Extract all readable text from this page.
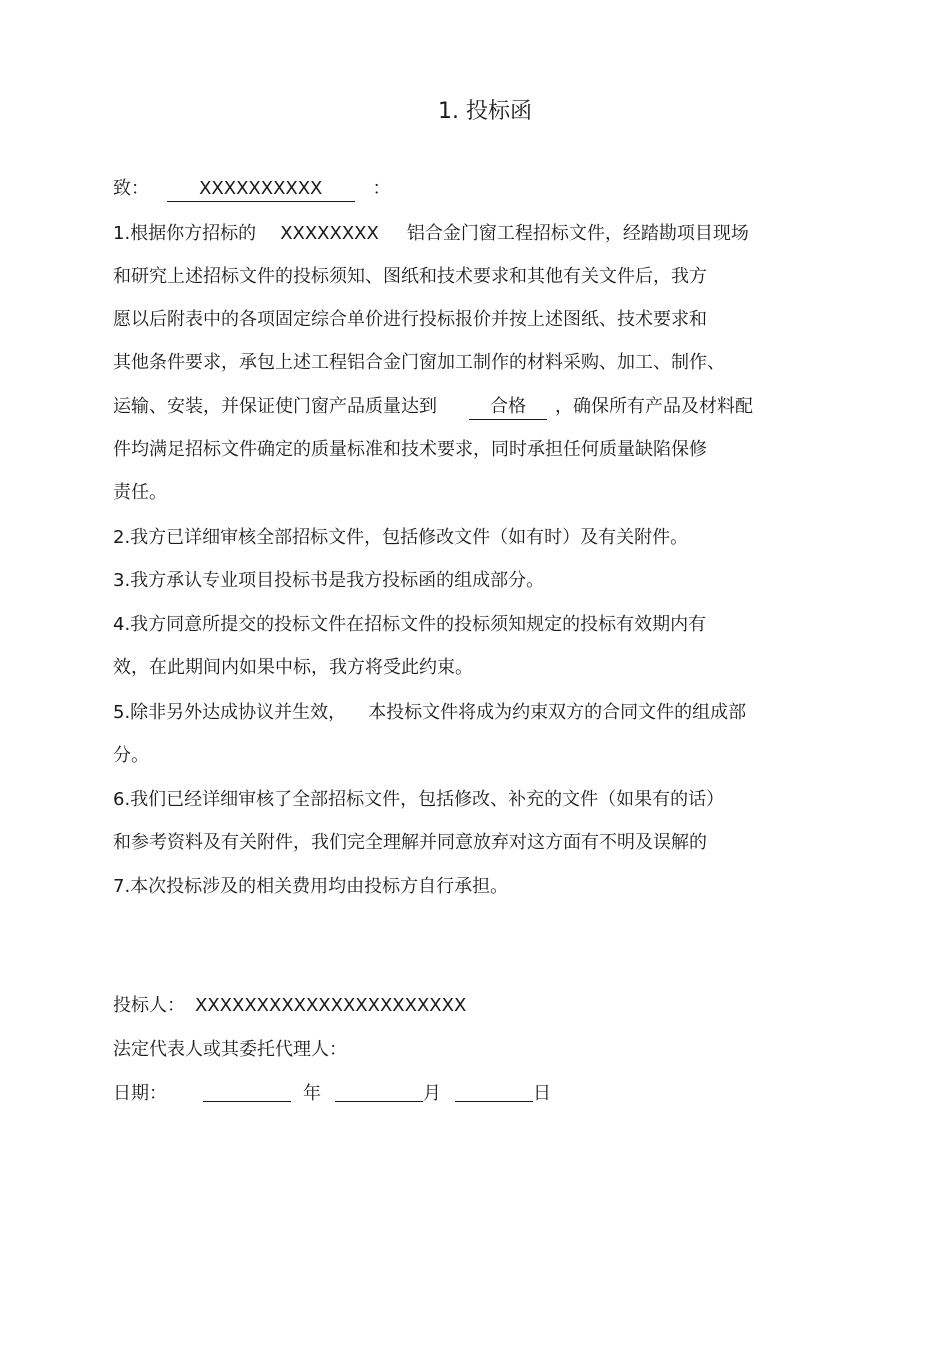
1. 投标函
致：	XXXXXXXXXX	：
1.根据你方招标的 XXXXXXXX 铝合金门窗工程招标文件，经踏勘项目现场
和研究上述招标文件的投标须知、图纸和技术要求和其他有关文件后，我方
愿以后附表中的各项固定综合单价进行投标报价并按上述图纸、技术要求和
其他条件要求，承包上述工程铝合金门窗加工制作的材料采购、加工、制作、
运输、安装，并保证使门窗产品质量达到	合格 ，确保所有产品及材料配
件均满足招标文件确定的质量标准和技术要求，同时承担任何质量缺陷保修
责任。
2.我方已详细审核全部招标文件，包括修改文件（如有时）及有关附件。
3.我方承认专业项目投标书是我方投标函的组成部分。
4.我方同意所提交的投标文件在招标文件的投标须知规定的投标有效期内有
效，在此期间内如果中标，我方将受此约束。
5.除非另外达成协议并生效， 本投标文件将成为约束双方的合同文件的组成部
分。
6.我们已经详细审核了全部招标文件，包括修改、补充的文件（如果有的话）
和参考资料及有关附件，我们完全理解并同意放弃对这方面有不明及误解的
7.本次投标涉及的相关费用均由投标方自行承担。
投标人： XXXXXXXXXXXXXXXXXXXXXX
法定代表人或其委托代理人：
日期：	年	月	日
